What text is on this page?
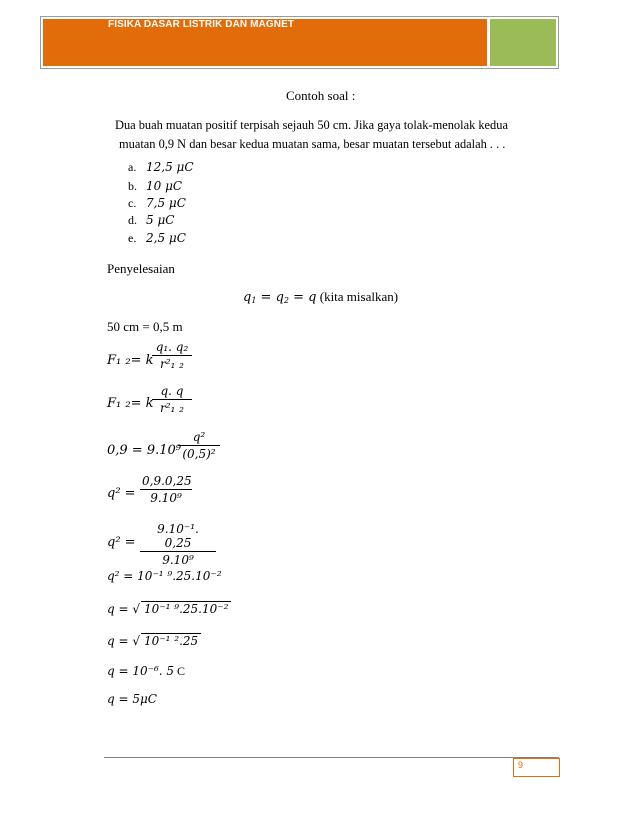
FISIKA DASAR LISTRIK DAN MAGNET
Contoh soal :
Dua buah muatan positif terpisah sejauh 50 cm. Jika gaya tolak-menolak kedua
muatan 0,9 N dan besar kedua muatan sama, besar muatan tersebut adalah . . .
a. 12,5 μC
b. 10 μC
c. 7,5 μC
d. 5 μC
e. 2,5 μC
Penyelesaian
$q_1 = q_2 = q$ (kita misalkan)
50 cm = 0,5 m
F₁ ₂= k
q₁. q₂
r²₁ ₂
F₁ ₂= k
q. q
r²₁ ₂
0,9 = 9.10⁹
q²
(0,5)²
q² =
0,9.0,25
9.10⁹
q² =
9.10⁻¹. 0,25
9.10⁹
q² = 10⁻¹ ⁹.25.10⁻²
q = √ 10⁻¹ ⁹.25.10⁻²
q = √ 10⁻¹ ².25
q = 10⁻⁶. 5 C
q = 5μC
9
